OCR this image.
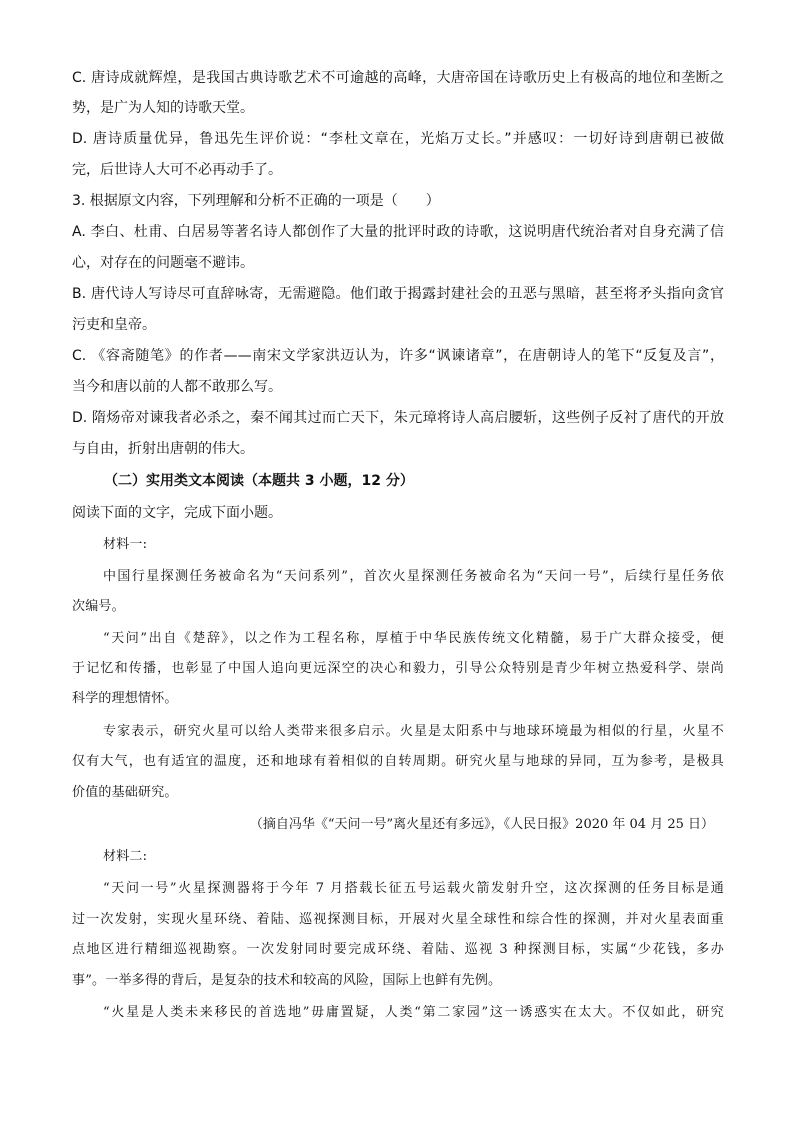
C. 唐诗成就辉煌，是我国古典诗歌艺术不可逾越的高峰，大唐帝国在诗歌历史上有极高的地位和垄断之
势，是广为人知的诗歌天堂。
D. 唐诗质量优异，鲁迅先生评价说：“李杜文章在，光焰万丈长。”并感叹：一切好诗到唐朝已被做
完，后世诗人大可不必再动手了。
3. 根据原文内容，下列理解和分析不正确的一项是（　　）
A. 李白、杜甫、白居易等著名诗人都创作了大量的批评时政的诗歌，这说明唐代统治者对自身充满了信
心，对存在的问题毫不避讳。
B. 唐代诗人写诗尽可直辞咏寄，无需避隐。他们敢于揭露封建社会的丑恶与黑暗，甚至将矛头指向贪官
污吏和皇帝。
C. 《容斋随笔》的作者——南宋文学家洪迈认为，许多“讽谏诸章”，在唐朝诗人的笔下“反复及言”，
当今和唐以前的人都不敢那么写。
D. 隋炀帝对谏我者必杀之，秦不闻其过而亡天下，朱元璋将诗人高启腰斩，这些例子反衬了唐代的开放
与自由，折射出唐朝的伟大。
（二）实用类文本阅读（本题共 3 小题，12 分）
阅读下面的文字，完成下面小题。
材料一:
中国行星探测任务被命名为“天问系列”，首次火星探测任务被命名为“天问一号”，后续行星任务依
次编号。
“天问”出自《楚辞》，以之作为工程名称，厚植于中华民族传统文化精髓，易于广大群众接受，便
于记忆和传播，也彰显了中国人追向更远深空的决心和毅力，引导公众特别是青少年树立热爱科学、崇尚
科学的理想情怀。
专家表示，研究火星可以给人类带来很多启示。火星是太阳系中与地球环境最为相似的行星，火星不
仅有大气，也有适宜的温度，还和地球有着相似的自转周期。研究火星与地球的异同，互为参考，是极具
价值的基础研究。
（摘自冯华《“天问一号”离火星还有多远》，《人民日报》2020 年 04 月 25 日）
材料二:
“天问一号”火星探测器将于今年 7 月搭载长征五号运载火箭发射升空，这次探测的任务目标是通
过一次发射，实现火星环绕、着陆、巡视探测目标，开展对火星全球性和综合性的探测，并对火星表面重
点地区进行精细巡视勘察。一次发射同时要完成环绕、着陆、巡视 3 种探测目标，实属“少花钱，多办
事”。一举多得的背后，是复杂的技术和较高的风险，国际上也鲜有先例。
“火星是人类未来移民的首选地”毋庸置疑，人类“第二家园”这一诱惑实在太大。不仅如此，研究
